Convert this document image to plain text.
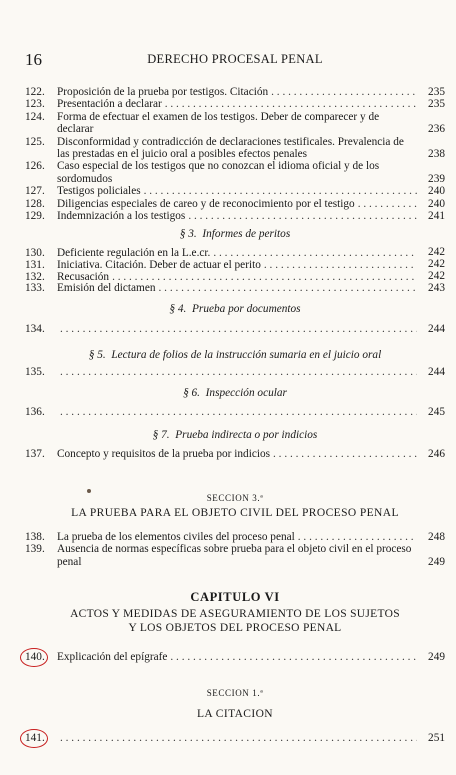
16	DERECHO PROCESAL PENAL
122.	Proposición de la prueba por testigos. Citación . . .	235
123.	Presentación a declarar . . .	235
124.	Forma de efectuar el examen de los testigos. Deber de comparecer y de declarar	236
125.	Disconformidad y contradicción de declaraciones testificales. Prevalencia de las prestadas en el juicio oral a posibles efectos penales	238
126.	Caso especial de los testigos que no conozcan el idioma oficial y de los sordomudos	239
127.	Testigos policiales . . .	240
128.	Diligencias especiales de careo y de reconocimiento por el testigo . . .	240
129.	Indemnización a los testigos . . .	241
§ 3. Informes de peritos
130.	Deficiente regulación en la L.e.cr. . . .	242
131.	Iniciativa. Citación. Deber de actuar el perito . . .	242
132.	Recusación . . .	242
133.	Emisión del dictamen . . .	243
§ 4. Prueba por documentos
134. . . .	244
§ 5. Lectura de folios de la instrucción sumaria en el juicio oral
135. . . .	244
§ 6. Inspección ocular
136. . . .	245
§ 7. Prueba indirecta o por indicios
137.	Concepto y requisitos de la prueba por indicios . . .	246
SECCION 3.ª
LA PRUEBA PARA EL OBJETO CIVIL DEL PROCESO PENAL
138.	La prueba de los elementos civiles del proceso penal . . .	248
139.	Ausencia de normas específicas sobre prueba para el objeto civil en el proceso penal	249
CAPITULO VI
ACTOS Y MEDIDAS DE ASEGURAMIENTO DE LOS SUJETOS
Y LOS OBJETOS DEL PROCESO PENAL
140.	Explicación del epígrafe . . .	249
SECCION 1.ª
LA CITACION
141. . . .	251
